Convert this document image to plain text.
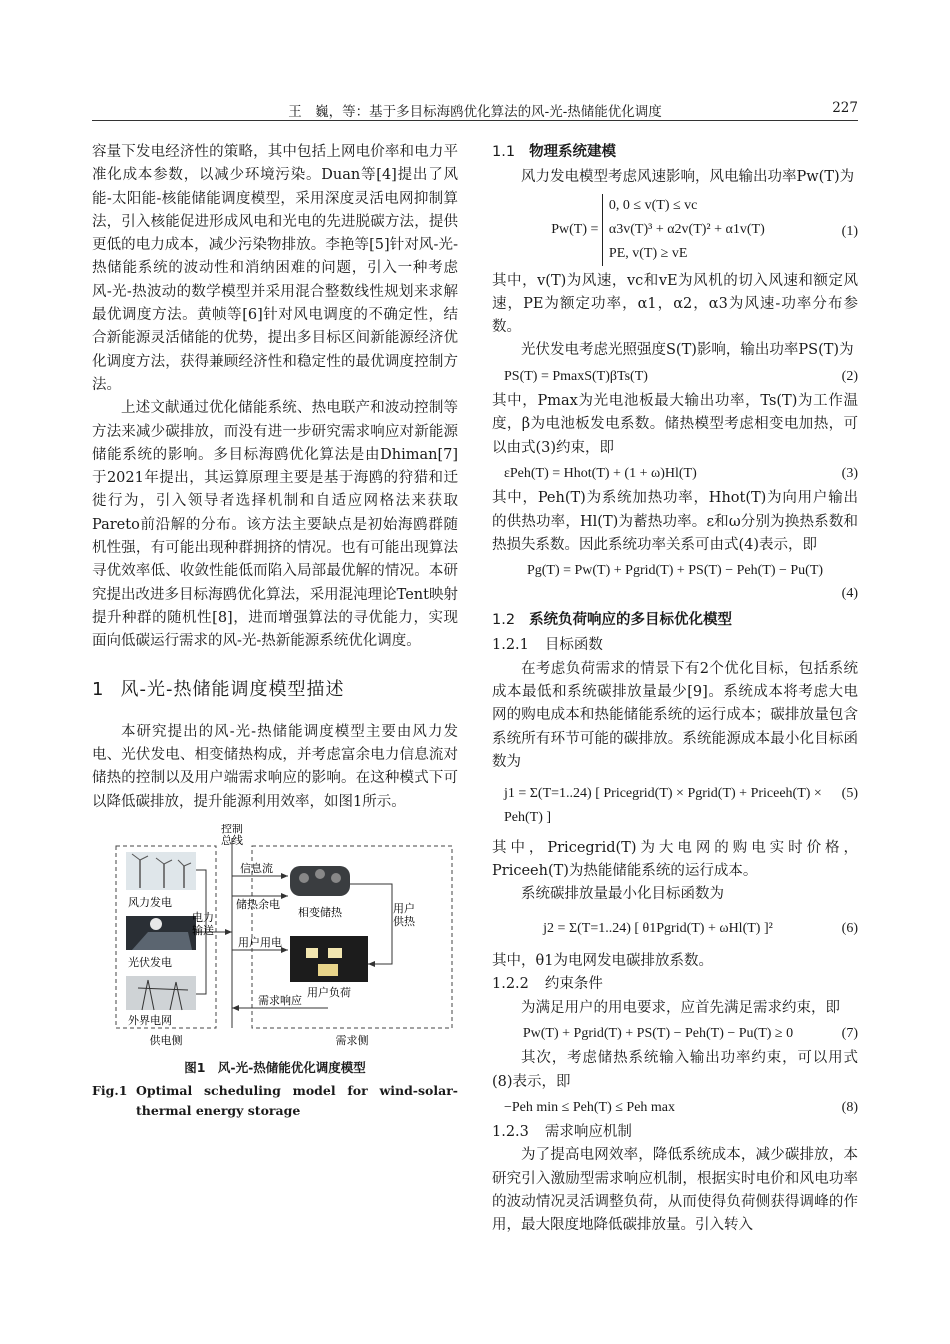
王　巍，等：基于多目标海鸥优化算法的风-光-热储能优化调度	227

容量下发电经济性的策略，其中包括上网电价率和电力平准化成本参数，以减少环境污染。Duan等[4]提出了风能-太阳能-核能储能调度模型，采用深度灵活电网抑制算法，引入核能促进形成风电和光电的先进脱碳方法，提供更低的电力成本，减少污染物排放。李艳等[5]针对风-光-热储能系统的波动性和消纳困难的问题，引入一种考虑风-光-热波动的数学模型并采用混合整数线性规划来求解最优调度方法。黄帧等[6]针对风电调度的不确定性，结合新能源灵活储能的优势，提出多目标区间新能源经济优化调度方法，获得兼顾经济性和稳定性的最优调度控制方法。

上述文献通过优化储能系统、热电联产和波动控制等方法来减少碳排放，而没有进一步研究需求响应对新能源储能系统的影响。多目标海鸥优化算法是由Dhiman[7]于2021年提出，其运算原理主要是基于海鸥的狩猎和迁徙行为，引入领导者选择机制和自适应网格法来获取Pareto前沿解的分布。该方法主要缺点是初始海鸥群随机性强，有可能出现种群拥挤的情况。也有可能出现算法寻优效率低、收敛性能低而陷入局部最优解的情况。本研究提出改进多目标海鸥优化算法，采用混沌理论Tent映射提升种群的随机性[8]，进而增强算法的寻优能力，实现面向低碳运行需求的风-光-热新能源系统优化调度。

1 风-光-热储能调度模型描述

本研究提出的风-光-热储能调度模型主要由风力发电、光伏发电、相变储热构成，并考虑富余电力信息流对储热的控制以及用户端需求响应的影响。在这种模式下可以降低碳排放，提升能源利用效率，如图1所示。

控制
总线
风力发电
光伏发电
外界电网
电力
输送
信息流
储热余电
相变储热	用户
供热
用户用电
用户负荷
需求响应
供电侧	需求侧
图1　风-光-热储能优化调度模型
Fig.1 Optimal scheduling model for wind-solar-thermal energy storage
1.1 物理系统建模

风力发电模型考虑风速影响，风电输出功率Pw(T)为

Pw(T) = 0, 0 ≤ v(T) ≤ vc
α3v(T)³ + α2v(T)² + α1v(T)
PE, v(T) ≥ vE
(1)

其中，v(T)为风速，vc和vE为风机的切入风速和额定风速，PE为额定功率，α1，α2，α3为风速-功率分布参数。

光伏发电考虑光照强度S(T)影响，输出功率PS(T)为

PS(T) = PmaxS(T)βTs(T)	(2)

其中，Pmax为光电池板最大输出功率，Ts(T)为工作温度，β为电池板发电系数。储热模型考虑相变电加热，可以由式(3)约束，即

εPeh(T) = Hhot(T) + (1 + ω)Hl(T)	(3)

其中，Peh(T)为系统加热功率，Hhot(T)为向用户输出的供热功率，Hl(T)为蓄热功率。ε和ω分别为换热系数和热损失系数。因此系统功率关系可由式(4)表示，即

Pg(T) = Pw(T) + Pgrid(T) + PS(T) − Peh(T) − Pu(T)
(4)
1.2 系统负荷响应的多目标优化模型
1.2.1 目标函数

在考虑负荷需求的情景下有2个优化目标，包括系统成本最低和系统碳排放量最少[9]。系统成本将考虑大电网的购电成本和热能储能系统的运行成本；碳排放量包含系统所有环节可能的碳排放。系统能源成本最小化目标函数为

j1 = Σ(T=1..24) [ Pricegrid(T) × Pgrid(T) + Priceeh(T) × Peh(T) ]
(5)

其中，Pricegrid(T)为大电网的购电实时价格，Priceeh(T)为热能储能系统的运行成本。

系统碳排放量最小化目标函数为

j2 = Σ(T=1..24) [ θ1Pgrid(T) + ωHl(T) ]²	(6)

其中，θ1为电网发电碳排放系数。

1.2.2 约束条件

为满足用户的用电要求，应首先满足需求约束，即

Pw(T) + Pgrid(T) + PS(T) − Peh(T) − Pu(T) ≥ 0	(7)

其次，考虑储热系统输入输出功率约束，可以用式(8)表示，即

−Peh min ≤ Peh(T) ≤ Peh max	(8)
1.2.3 需求响应机制

为了提高电网效率，降低系统成本，减少碳排放，本研究引入激励型需求响应机制，根据实时电价和风电功率的波动情况灵活调整负荷，从而使得负荷侧获得调峰的作用，最大限度地降低碳排放量。引入转入
